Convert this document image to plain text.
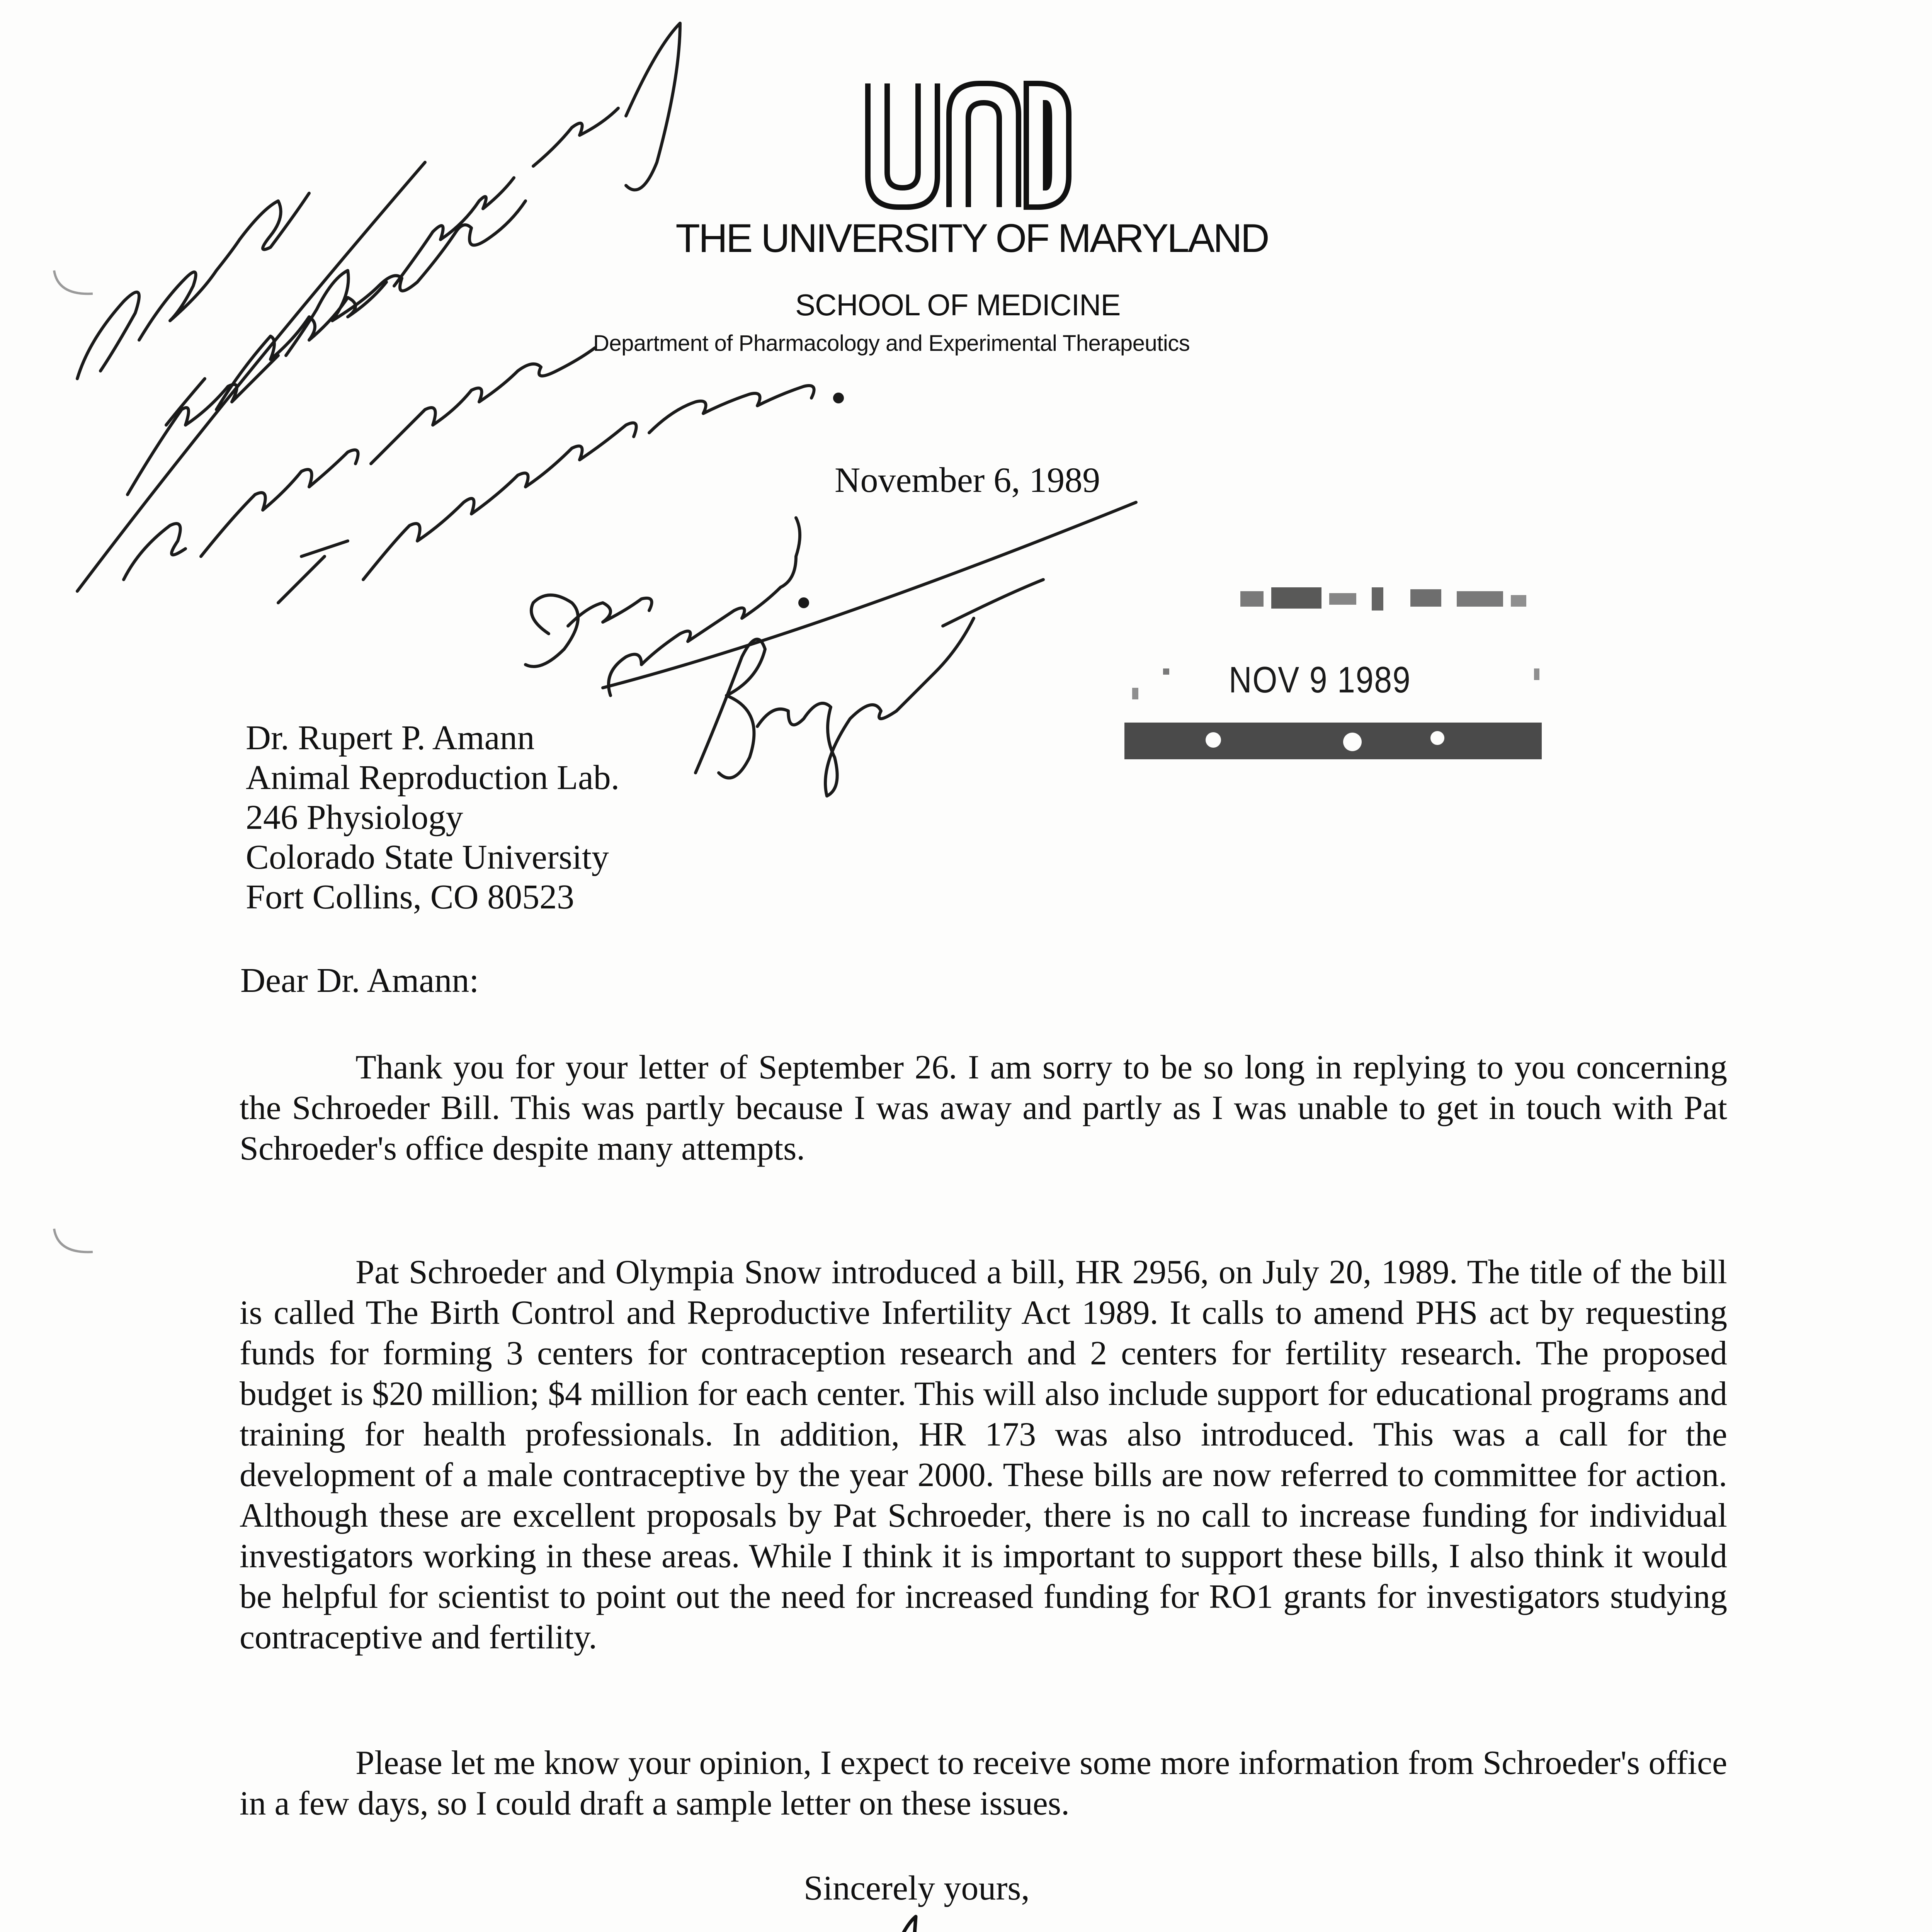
THE UNIVERSITY OF MARYLAND
SCHOOL OF MEDICINE
Department of Pharmacology and Experimental Therapeutics
November 6, 1989
NOV 9 1989
Dr. Rupert P. Amann
Animal Reproduction Lab.
246 Physiology
Colorado State University
Fort Collins, CO 80523
Dear Dr. Amann:

Thank you for your letter of September 26. I am sorry to be so long in replying to you concerning the Schroeder Bill. This was partly because I was away and partly as I was unable to get in touch with Pat Schroeder's office despite many attempts.

Pat Schroeder and Olympia Snow introduced a bill, HR 2956, on July 20, 1989. The title of the bill is called The Birth Control and Reproductive Infertility Act 1989. It calls to amend PHS act by requesting funds for forming 3 centers for contraception research and 2 centers for fertility research. The proposed budget is $20 million; $4 million for each center. This will also include support for educational programs and training for health professionals. In addition, HR 173 was also introduced. This was a call for the development of a male contraceptive by the year 2000. These bills are now referred to committee for action. Although these are excellent proposals by Pat Schroeder, there is no call to increase funding for individual investigators working in these areas. While I think it is important to support these bills, I also think it would be helpful for scientist to point out the need for increased funding for RO1 grants for investigators studying contraceptive and fertility.

Please let me know your opinion, I expect to receive some more information from Schroeder's office in a few days, so I could draft a sample letter on these issues.

Sincerely yours,
